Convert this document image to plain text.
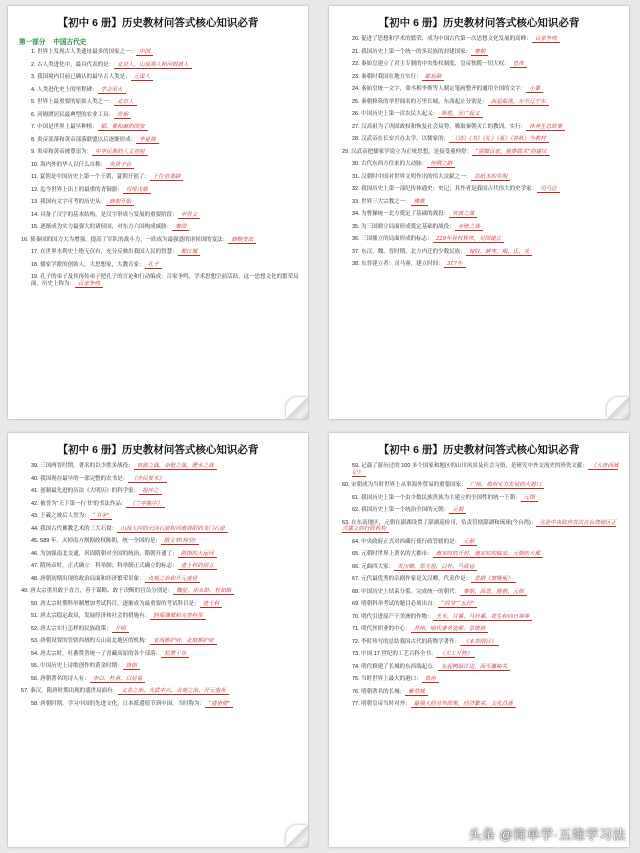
【初中 6 册】历史教材问答式核心知识必背
第一部分 中国古代史
1. 世界上发现古人类遗址最多的国家之一： 中国
2. 古人类进化中，最具代表的是： 北京人、山顶洞人和河姆渡人
3. 我国境内目前已确认的最早古人类是： 元谋人
4. 人类进化史上的里程碑： 学会用火
5. 世界上最重要的原始人类之一： 北京人
6. 河姆渡居民最典型的农业工具： 骨耜
7. 中国是世界上最早种植： 稻、粟和麻的国家
8. 炎帝部落和黄帝部落联盟以后逐渐形成： 华夏族
9. 炎帝和黄帝被尊崇为： 中华民族的人文初祖
10. 海内外的华人以什么自称： 炎黄子孙
11. 夏朝是中国历史上第一个王朝，夏朝开创了： 王位世袭制
12. 迄今世界上出土的最重的青铜器： 司母戊鼎
13. 我国有文字可考的历史从： 商朝开始
14. 具备了汉字的基本结构，是汉字形成与发展的重要阶段： 甲骨文
15. 逐渐成为实力最强大的诸侯国，对东方六国构成威胁： 秦国
16. 使秦国的国力大为增强，提高了军队的战斗力，一跃成为最强盛的诸侯国的变法： 商鞅变法
17. 在世界水利史上绝无仅有，充分反映出我国人民的智慧： 都江堰
18. 儒家学派的创始人，大思想家，大教育家： 孔子
19. 孔子的弟子及其再传弟子把孔子的言论和行动编成：百家争鸣，学术思想空前活跃，这一思想文化的繁荣局面，历史上称为： 百家争鸣
【初中 6 册】历史教材问答式核心知识必背
20. 促进了思想和学术的繁荣，成为中国古代第一次思想文化发展的高峰： 百家争鸣
21. 我国历史上第一个统一的多民族的封建国家： 秦朝
22. 秦始皇建立了君主专制的中央集权制度，皇帝独揽一切大权： 皇帝
23. 秦朝时我国在地方实行： 郡县制
24. 秦始皇统一文字，命丞相李斯等人制定笔画整齐的通用全国的文字： 小篆
25. 秦朝修筑的举世闻名的万里长城，东西起止分别是： 西起临洮，东至辽宁东
26. 中国历史上第一次农民大起义： 陈胜、吴广起义
27. 汉高祖为了巩固政权和恢复社会局势，吸取秦朝灭亡的教训，实行： 休养生息政策
28. 汉武帝在长安兴办太学，以儒家的： 《诗》《书》《礼》《易》《春秋》为教材
29. 汉武帝把儒家学说立为正统思想，是接受董仲舒： “罢黜百家，独尊儒术”的建议
30. 古代东西方往来的大动脉： 丝绸之路
31. 汉朝时中国对世界文明作出的伟大贡献之一： 造纸术的发明
32. 我国历史上第一部纪传体通史：史记；其作者是我国古代伟大的史学家： 司马迁
33. 世界三大宗教之一： 佛教
34. 为曹操统一北方奠定了基础的战役： 官渡之战
35. 为三国鼎立局面形成奠定基础的战役： 赤壁之战
36. 三国鼎立的局面形成的标志： 229年孙权称帝，吴国建立
37. 东汉、魏、晋时期，北方内迁的少数民族： 匈奴、鲜卑、羯、氐、羌
38. 东晋建立者：司马睿，建立时间： 317年
【初中 6 册】历史教材问答式核心知识必背
39. 三国两晋时期，著名的以少胜多战役： 官渡之战、赤壁之战、淝水之战
40. 我国现存最早的一部完整的农书是： 《齐民要术》
41. 创制最先进的历法《大明历》的科学家： 祖冲之
42. 被誉为“天下第一行书”的书法作品： 《兰亭集序》
43. 王羲之被后人誉为： “书圣”
44. 我国古代佛教艺术的三大石窟： 山西大同的云冈石窟和河南洛阳的龙门石窟
45. 589 年，灭掉南方割据政权陈朝，统一全国的是： 隋文帝(杨坚)
46. 为加强南北交通，巩固隋朝对全国的统治，隋朝开通了： 隋朝的大运河
47. 隋炀帝时，正式确立：科举制；科举制正式确立的标志： 进士科的创立
48. 唐朝初期出现的政治局面和经济繁荣景象： 贞观之治和开元盛世
49. 唐太宗重用敢于直言，善于谋略、敢于决断的宫员分别是： 魏征、房玄龄、杜如晦
50. 唐太宗时期科举制增加考试科目，逐渐成为最重要的考试科目是： 进士科
51. 唐太宗稳定政局，发展经济和社会的措施有： 轻徭薄赋和完善科举
52. 唐太宗实行怎样的民族政策： 开明
53. 唐朝设置的管辖西域的天山南北地区的机构： 安西都护府、北庭都护府
54. 唐太宗时，吐蕃赞普统一了青藏高原的各个部落： 松赞干布
55. 中国历史上诗歌创作的黄金时期： 唐朝
56. 唐朝著名的诗人有： 李白、杜甫、白居易
57. 秦汉，隋唐时期出现的盛世局面有： 文景之治、光武中兴、贞观之治、开元盛世
58. 唐朝时期，学习中国的先进文化，日本派遣使节到中国，当时称为： “遣唐使”
【初中 6 册】历史教材问答式核心知识必背
59. 记载了游历过的 100 多个国家和地区的山川风景及社会习俗，是研究中外交流史的珍贵文献： 《大唐西域记》
60. 宋朝成为当时世界上从事海外贸易的重要国家： 广州、泉州实力发展的大港口
61. 我国历史上第一个由少数民族贵族为主建立的全国性的统一王朝： 元朝
62. 我国历史上第一个统治全国的元朝： 元朝
63. 在东南地区，元朝在澎湖设置了澎湖巡检司，负责管辖澎湖和琉球(今台湾)： 这是中央政府首次在台湾地区正式建立的行政机构
64. 中央政府正式对西藏行使行政管辖的是： 元朝
65. 元朝时世界上著名的大都市： 南宋时的开封、南宋时的临安、元朝的大都
66. 元曲四大家： 关汉卿、郑光祖、白朴、马致远
67. 元代最优秀的杂剧作家是关汉卿，代表作是： 悲剧《窦娥冤》
68. 中国历史上结束分裂、完成统一的朝代： 秦朝、西晋、隋朝、元朝
69. 明朝科举考试的题目必须出自： “四书”“五经”
70. 明代引进原产于美洲的作物： 玉米、甘薯、马铃薯、花生和向日葵等
71. 明代丝织业的中心： 苏州、明代著名瓷都：景德镇
72. 李时珍写的总结我国古代的药物学著作： 《本草纲目》
73. 中国 17 世纪的工艺百科全书： 《天工开物》
74. 明代修建了长城的东西端起点： 东起鸭绿江边，西至嘉峪关
75. 当时世界上最大的港口： 泉州
76. 明朝著名的长城： 紫禁城
77. 明朝皇帝当时对外： 最强大的对外政策，经济繁荣，文化昌盛
头条 @简单学·五维学习法
